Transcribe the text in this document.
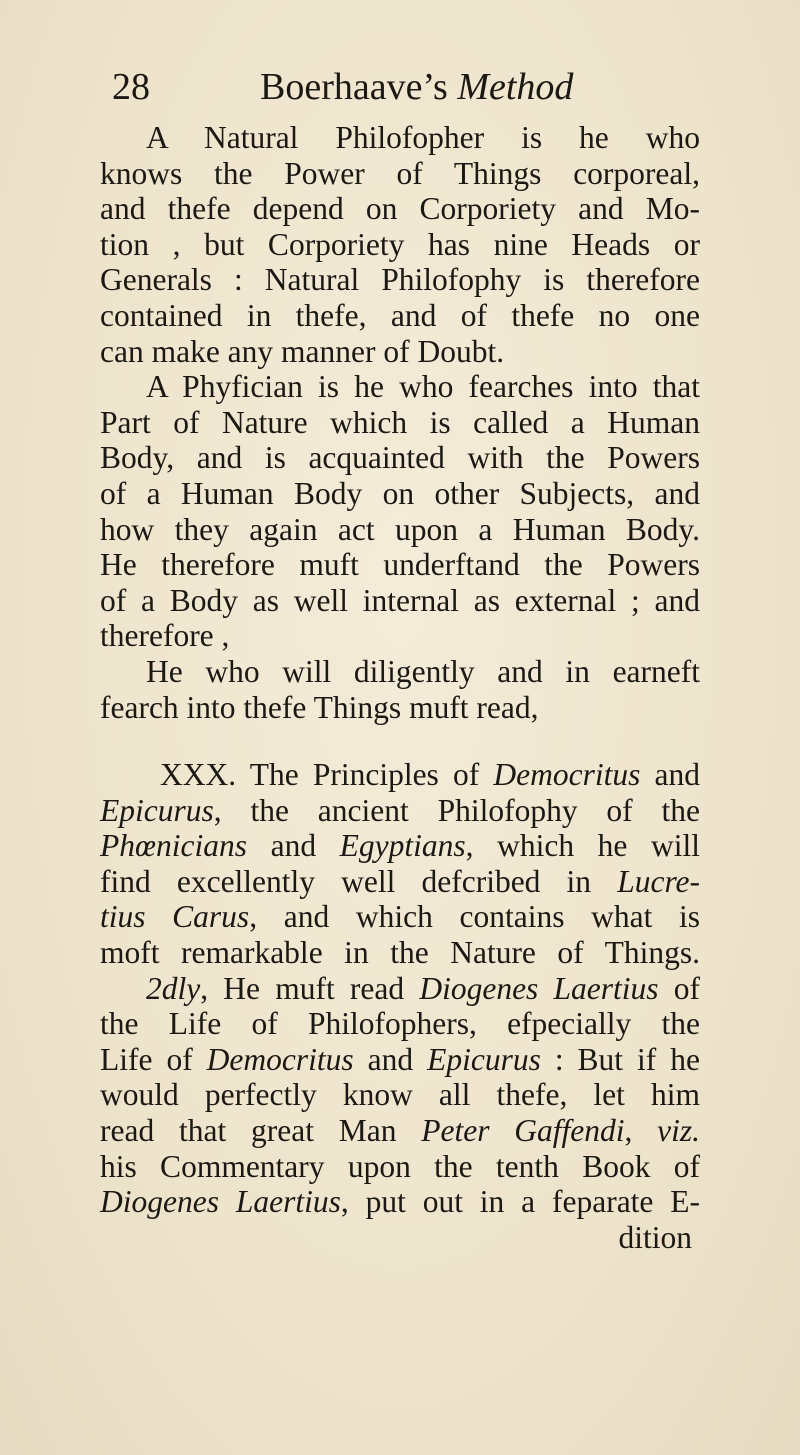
28	Boerhaave’s Method
A Natural Philofopher is he who
knows the Power of Things corporeal,
and thefe depend on Corporiety and Mo-
tion , but Corporiety has nine Heads or
Generals : Natural Philofophy is therefore
contained in thefe, and of thefe no one
can make any manner of Doubt.
A Phyfician is he who fearches into that
Part of Nature which is called a Human
Body, and is acquainted with the Powers
of a Human Body on other Subjects, and
how they again act upon a Human Body.
He therefore muft underftand the Powers
of a Body as well internal as external ; and
therefore ,
He who will diligently and in earneft
fearch into thefe Things muft read,
XXX. The Principles of Democritus and
Epicurus, the ancient Philofophy of the
Phœnicians and Egyptians, which he will
find excellently well defcribed in Lucre-
tius Carus, and which contains what is
moft remarkable in the Nature of Things.
2dly, He muft read Diogenes Laertius of
the Life of Philofophers, efpecially the
Life of Democritus and Epicurus : But if he
would perfectly know all thefe, let him
read that great Man Peter Gaffendi, viz.
his Commentary upon the tenth Book of
Diogenes Laertius, put out in a feparate E-
dition
